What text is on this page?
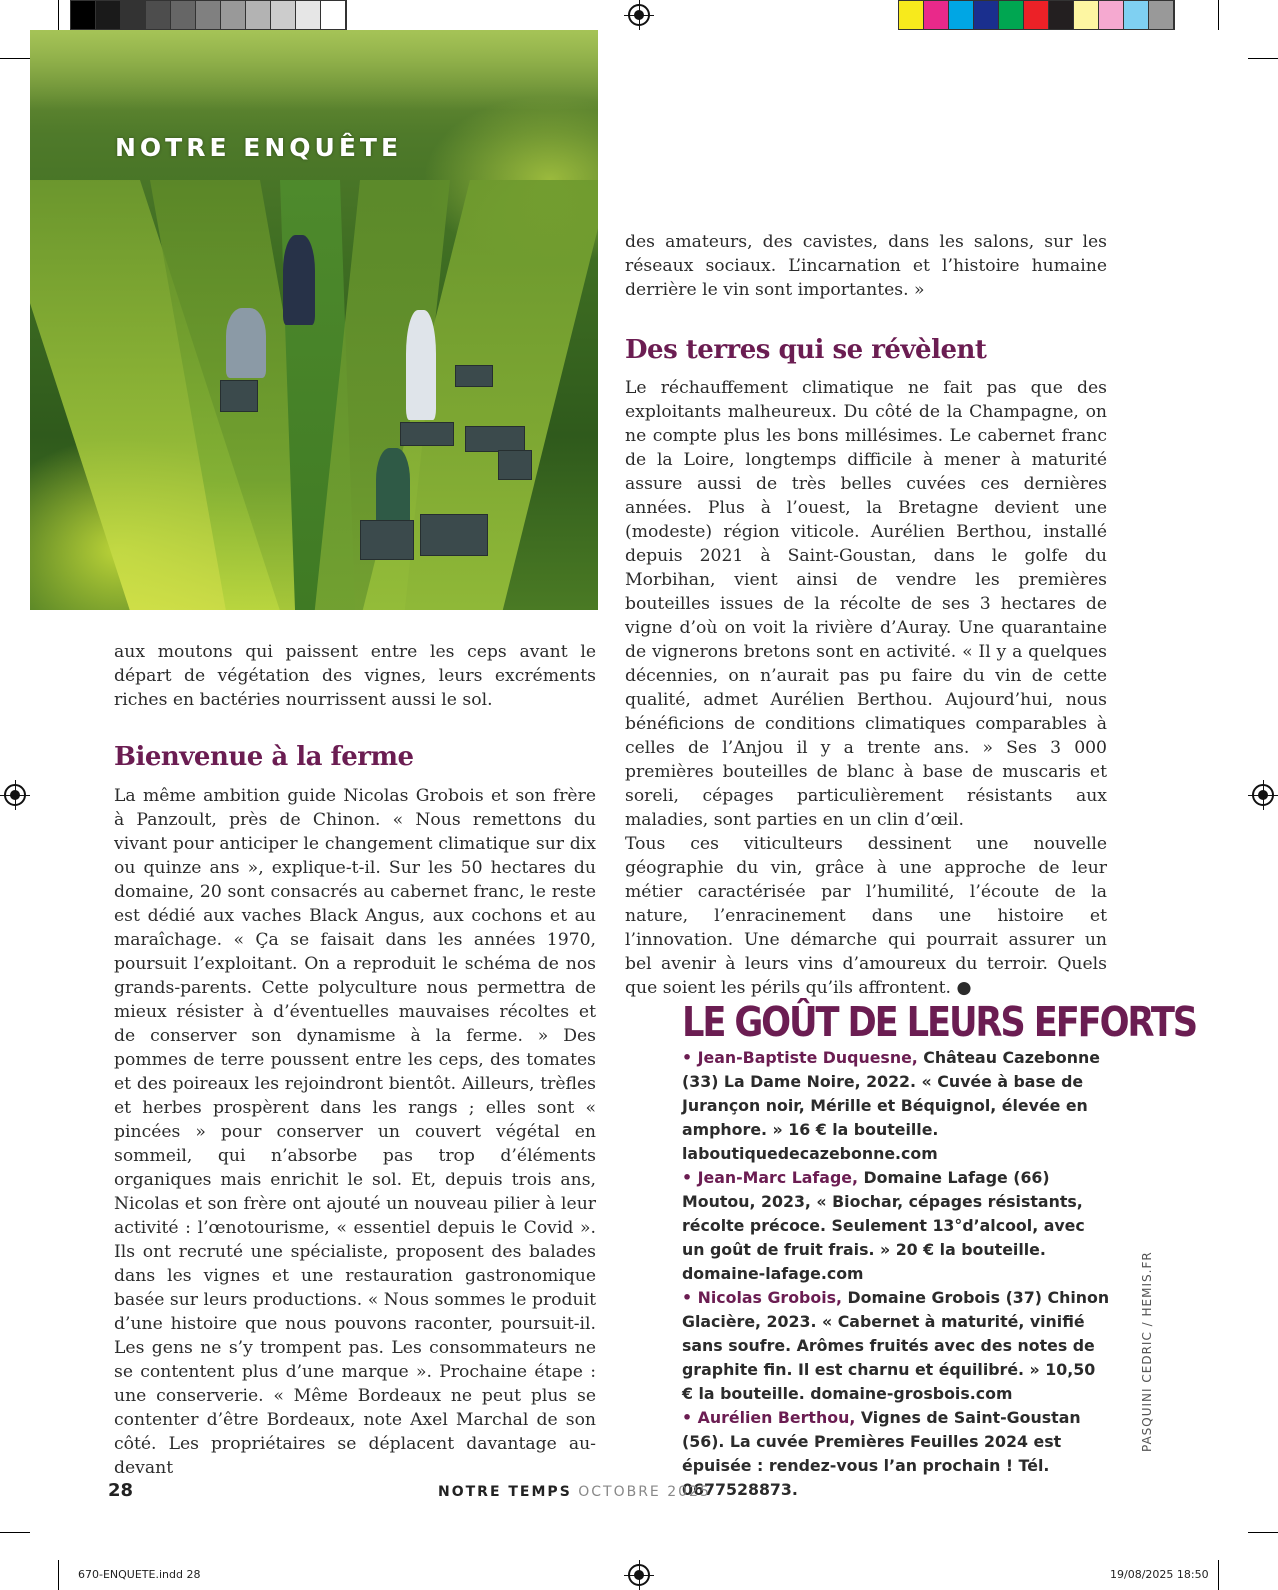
NOTRE ENQUÊTE

aux moutons qui paissent entre les ceps avant le départ de végétation des vignes, leurs excréments riches en bactéries nourrissent aussi le sol.

Bienvenue à la ferme

La même ambition guide Nicolas Grobois et son frère à Panzoult, près de Chinon. « Nous remettons du vivant pour anticiper le changement climatique sur dix ou quinze ans », explique-t-il. Sur les 50 hectares du domaine, 20 sont consacrés au cabernet franc, le reste est dédié aux vaches Black Angus, aux cochons et au maraîchage. « Ça se faisait dans les années 1970, poursuit l’exploitant. On a reproduit le schéma de nos grands-parents. Cette polyculture nous permettra de mieux résister à d’éventuelles mauvaises récoltes et de conserver son dynamisme à la ferme. » Des pommes de terre poussent entre les ceps, des tomates et des poireaux les rejoindront bientôt. Ailleurs, trèfles et herbes prospèrent dans les rangs ; elles sont « pincées » pour conserver un couvert végétal en sommeil, qui n’absorbe pas trop d’éléments organiques mais enrichit le sol. Et, depuis trois ans, Nicolas et son frère ont ajouté un nouveau pilier à leur activité : l’œnotourisme, « essentiel depuis le Covid ». Ils ont recruté une spécialiste, proposent des balades dans les vignes et une restauration gastronomique basée sur leurs productions. « Nous sommes le produit d’une histoire que nous pouvons raconter, poursuit-il. Les gens ne s’y trompent pas. Les consommateurs ne se contentent plus d’une marque ». Prochaine étape : une conserverie. « Même Bordeaux ne peut plus se contenter d’être Bordeaux, note Axel Marchal de son côté. Les propriétaires se déplacent davantage au-devant

des amateurs, des cavistes, dans les salons, sur les réseaux sociaux. L’incarnation et l’histoire humaine derrière le vin sont importantes. »

Des terres qui se révèlent

Le réchauffement climatique ne fait pas que des exploitants malheureux. Du côté de la Champagne, on ne compte plus les bons millésimes. Le cabernet franc de la Loire, longtemps difficile à mener à maturité assure aussi de très belles cuvées ces dernières années. Plus à l’ouest, la Bretagne devient une (modeste) région viticole. Aurélien Berthou, installé depuis 2021 à Saint-Goustan, dans le golfe du Morbihan, vient ainsi de vendre les premières bouteilles issues de la récolte de ses 3 hectares de vigne d’où on voit la rivière d’Auray. Une quarantaine de vignerons bretons sont en activité. « Il y a quelques décennies, on n’aurait pas pu faire du vin de cette qualité, admet Aurélien Berthou. Aujourd’hui, nous bénéficions de conditions climatiques comparables à celles de l’Anjou il y a trente ans. » Ses 3 000 premières bouteilles de blanc à base de muscaris et soreli, cépages particulièrement résistants aux maladies, sont parties en un clin d’œil.

Tous ces viticulteurs dessinent une nouvelle géographie du vin, grâce à une approche de leur métier caractérisée par l’humilité, l’écoute de la nature, l’enracinement dans une histoire et l’innovation. Une démarche qui pourrait assurer un bel avenir à leurs vins d’amoureux du terroir. Quels que soient les périls qu’ils affrontent. ●

LE GOÛT DE LEURS EFFORTS
• Jean-Baptiste Duquesne, Château Cazebonne (33) La Dame Noire, 2022. « Cuvée à base de Jurançon noir, Mérille et Béquignol, élevée en amphore. » 16 € la bouteille. laboutiquedecazebonne.com
• Jean-Marc Lafage, Domaine Lafage (66) Moutou, 2023, « Biochar, cépages résistants, récolte précoce. Seulement 13°d’alcool, avec un goût de fruit frais. » 20 € la bouteille. domaine-lafage.com
• Nicolas Grobois, Domaine Grobois (37) Chinon Glacière, 2023. « Cabernet à maturité, vinifié sans soufre. Arômes fruités avec des notes de graphite fin. Il est charnu et équilibré. » 10,50 € la bouteille. domaine-grosbois.com
• Aurélien Berthou, Vignes de Saint-Goustan (56). La cuvée Premières Feuilles 2024 est épuisée : rendez-vous l’an prochain ! Tél. 0677528873.
PASQUINI CEDRIC / HEMIS.FR
28	NOTRE TEMPS OCTOBRE 2025
670-ENQUETE.indd 28	19/08/2025 18:50
